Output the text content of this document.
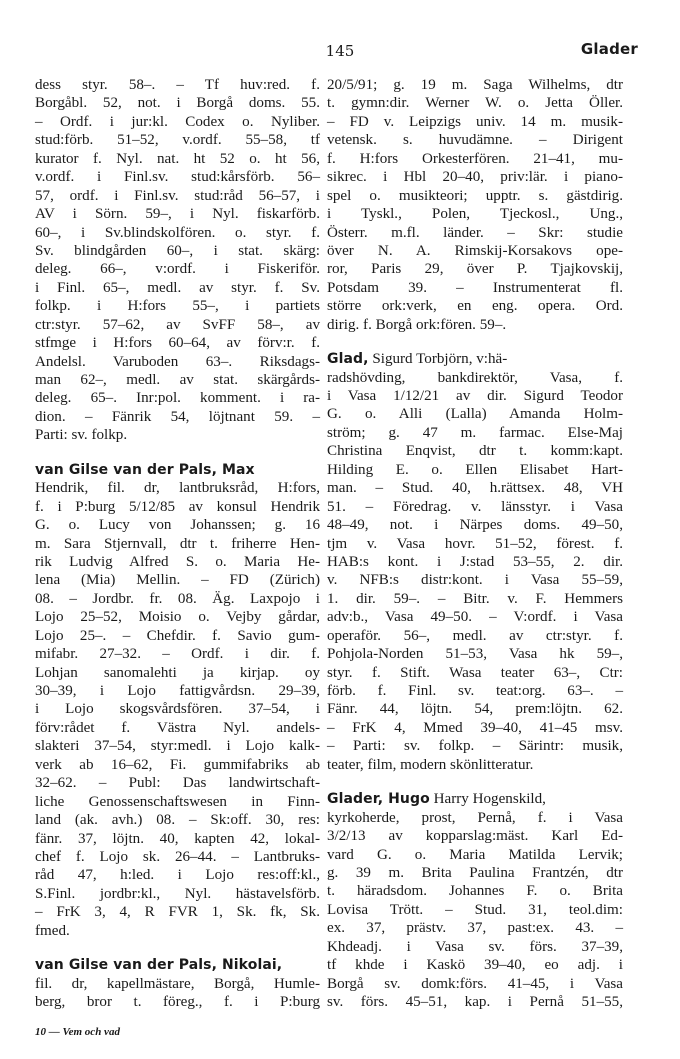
145	Glader
dess styr. 58–. – Tf huv:red. f.
Borgåbl. 52, not. i Borgå doms. 55.
– Ordf. i jur:kl. Codex o. Nyliber.
stud:förb. 51–52, v.ordf. 55–58, tf
kurator f. Nyl. nat. ht 52 o. ht 56,
v.ordf. i Finl.sv. stud:kårsförb. 56–
57, ordf. i Finl.sv. stud:råd 56–57, i
AV i Sörn. 59–, i Nyl. fiskarförb.
60–, i Sv.blindskolfören. o. styr. f.
Sv. blindgården 60–, i stat. skärg:
deleg. 66–, v:ordf. i Fiskeriför.
i Finl. 65–, medl. av styr. f. Sv.
folkp. i H:fors 55–, i partiets
ctr:styr. 57–62, av SvFF 58–, av
stfmge i H:fors 60–64, av förv:r. f.
Andelsl. Varuboden 63–. Riksdags-
man 62–, medl. av stat. skärgårds-
deleg. 65–. Inr:pol. komment. i ra-
dion. – Fänrik 54, löjtnant 59. –
Parti: sv. folkp.
van Gilse van der Pals, Max
Hendrik, fil. dr, lantbruksråd, H:fors,
f. i P:burg 5/12/85 av konsul Hendrik
G. o. Lucy von Johanssen; g. 16
m. Sara Stjernvall, dtr t. friherre Hen-
rik Ludvig Alfred S. o. Maria He-
lena (Mia) Mellin. – FD (Zürich)
08. – Jordbr. fr. 08. Äg. Laxpojo i
Lojo 25–52, Moisio o. Vejby gårdar,
Lojo 25–. – Chefdir. f. Savio gum-
mifabr. 27–32. – Ordf. i dir. f.
Lohjan sanomalehti ja kirjap. oy
30–39, i Lojo fattigvårdsn. 29–39,
i Lojo skogsvårdsfören. 37–54, i
förv:rådet f. Västra Nyl. andels-
slakteri 37–54, styr:medl. i Lojo kalk-
verk ab 16–62, Fi. gummifabriks ab
32–62. – Publ: Das landwirtschaft-
liche Genossenschaftswesen in Finn-
land (ak. avh.) 08. – Sk:off. 30, res:
fänr. 37, löjtn. 40, kapten 42, lokal-
chef f. Lojo sk. 26–44. – Lantbruks-
råd 47, h:led. i Lojo res:off:kl.,
S.Finl. jordbr:kl., Nyl. hästavelsförb.
– FrK 3, 4, R FVR 1, Sk. fk, Sk.
fmed.
van Gilse van der Pals, Nikolai,
fil. dr, kapellmästare, Borgå, Humle-
berg, bror t. föreg., f. i P:burg
20/5/91; g. 19 m. Saga Wilhelms, dtr
t. gymn:dir. Werner W. o. Jetta Öller.
– FD v. Leipzigs univ. 14 m. musik-
vetensk. s. huvudämne. – Dirigent
f. H:fors Orkesterfören. 21–41, mu-
sikrec. i Hbl 20–40, priv:lär. i piano-
spel o. musikteori; upptr. s. gästdirig.
i Tyskl., Polen, Tjeckosl., Ung.,
Österr. m.fl. länder. – Skr: studie
över N. A. Rimskij-Korsakovs ope-
ror, Paris 29, över P. Tjajkovskij,
Potsdam 39. – Instrumenterat fl.
större ork:verk, en eng. opera. Ord.
dirig. f. Borgå ork:fören. 59–.
Glad, Sigurd Torbjörn, v:hä-
radshövding, bankdirektör, Vasa, f.
i Vasa 1/12/21 av dir. Sigurd Teodor
G. o. Alli (Lalla) Amanda Holm-
ström; g. 47 m. farmac. Else-Maj
Christina Enqvist, dtr t. komm:kapt.
Hilding E. o. Ellen Elisabet Hart-
man. – Stud. 40, h.rättsex. 48, VH
51. – Föredrag. v. länsstyr. i Vasa
48–49, not. i Närpes doms. 49–50,
tjm v. Vasa hovr. 51–52, förest. f.
HAB:s kont. i J:stad 53–55, 2. dir.
v. NFB:s distr:kont. i Vasa 55–59,
1. dir. 59–. – Bitr. v. F. Hemmers
adv:b., Vasa 49–50. – V:ordf. i Vasa
operaför. 56–, medl. av ctr:styr. f.
Pohjola-Norden 51–53, Vasa hk 59–,
styr. f. Stift. Wasa teater 63–, Ctr:
förb. f. Finl. sv. teat:org. 63–. –
Fänr. 44, löjtn. 54, prem:löjtn. 62.
– FrK 4, Mmed 39–40, 41–45 msv.
– Parti: sv. folkp. – Särintr: musik,
teater, film, modern skönlitteratur.
Glader, Hugo Harry Hogenskild,
kyrkoherde, prost, Pernå, f. i Vasa
3/2/13 av kopparslag:mäst. Karl Ed-
vard G. o. Maria Matilda Lervik;
g. 39 m. Brita Paulina Frantzén, dtr
t. häradsdom. Johannes F. o. Brita
Lovisa Trött. – Stud. 31, teol.dim:
ex. 37, prästv. 37, past:ex. 43. –
Khdeadj. i Vasa sv. förs. 37–39,
tf khde i Kaskö 39–40, eo adj. i
Borgå sv. domk:förs. 41–45, i Vasa
sv. förs. 45–51, kap. i Pernå 51–55,
10 — Vem och vad
